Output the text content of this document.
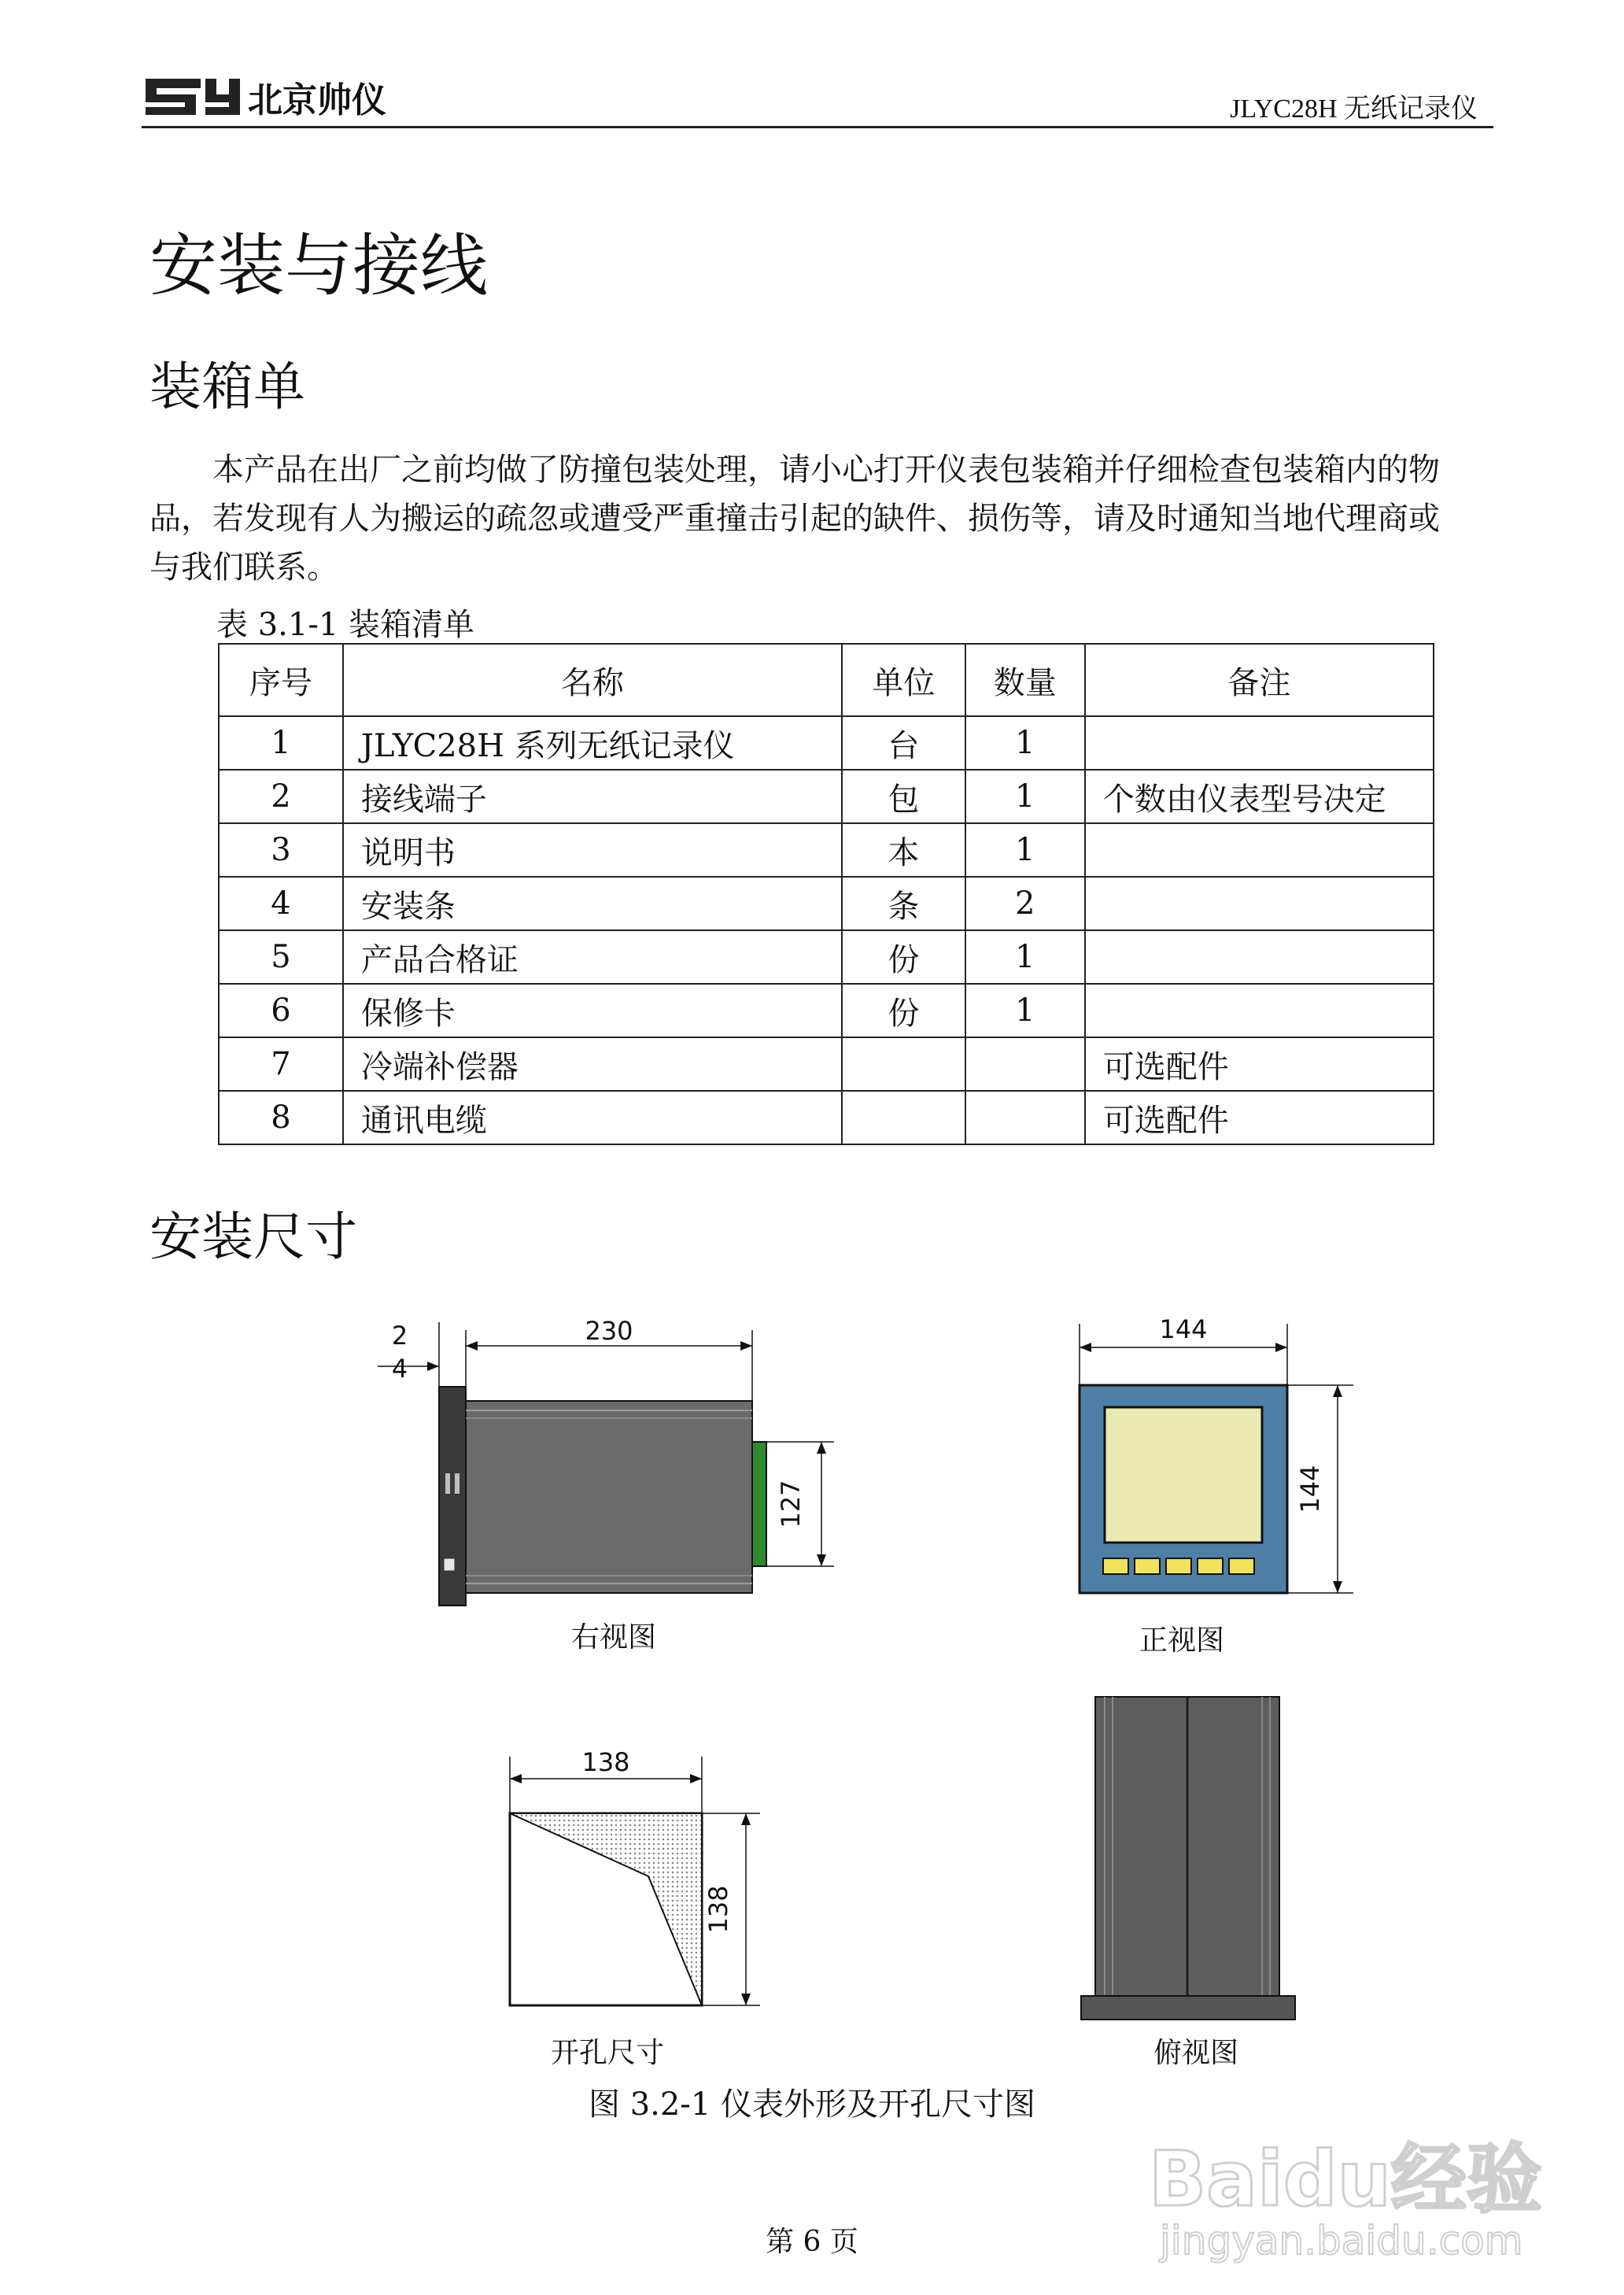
北京帅仪	JLYC28H 无纸记录仪
安装与接线
装箱单

本产品在出厂之前均做了防撞包装处理，请小心打开仪表包装箱并仔细检查包装箱内的物
品，若发现有人为搬运的疏忽或遭受严重撞击引起的缺件、损伤等，请及时通知当地代理商或
与我们联系。

表 3.1-1 装箱清单
序号	名称	单位	数量	备注
1	JLYC28H 系列无纸记录仪	台	1	
2	接线端子	包	1	个数由仪表型号决定
3	说明书	本	1	
4	安装条	条	2	
5	产品合格证	份	1	
6	保修卡	份	1	
7	冷端补偿器			可选配件
8	通讯电缆			可选配件
安装尺寸
230
2
4
127
右视图
144
144
正视图
138
138
开孔尺寸	俯视图
图 3.2-1 仪表外形及开孔尺寸图
Baidu经验
jingyan.baidu.com
第 6 页
